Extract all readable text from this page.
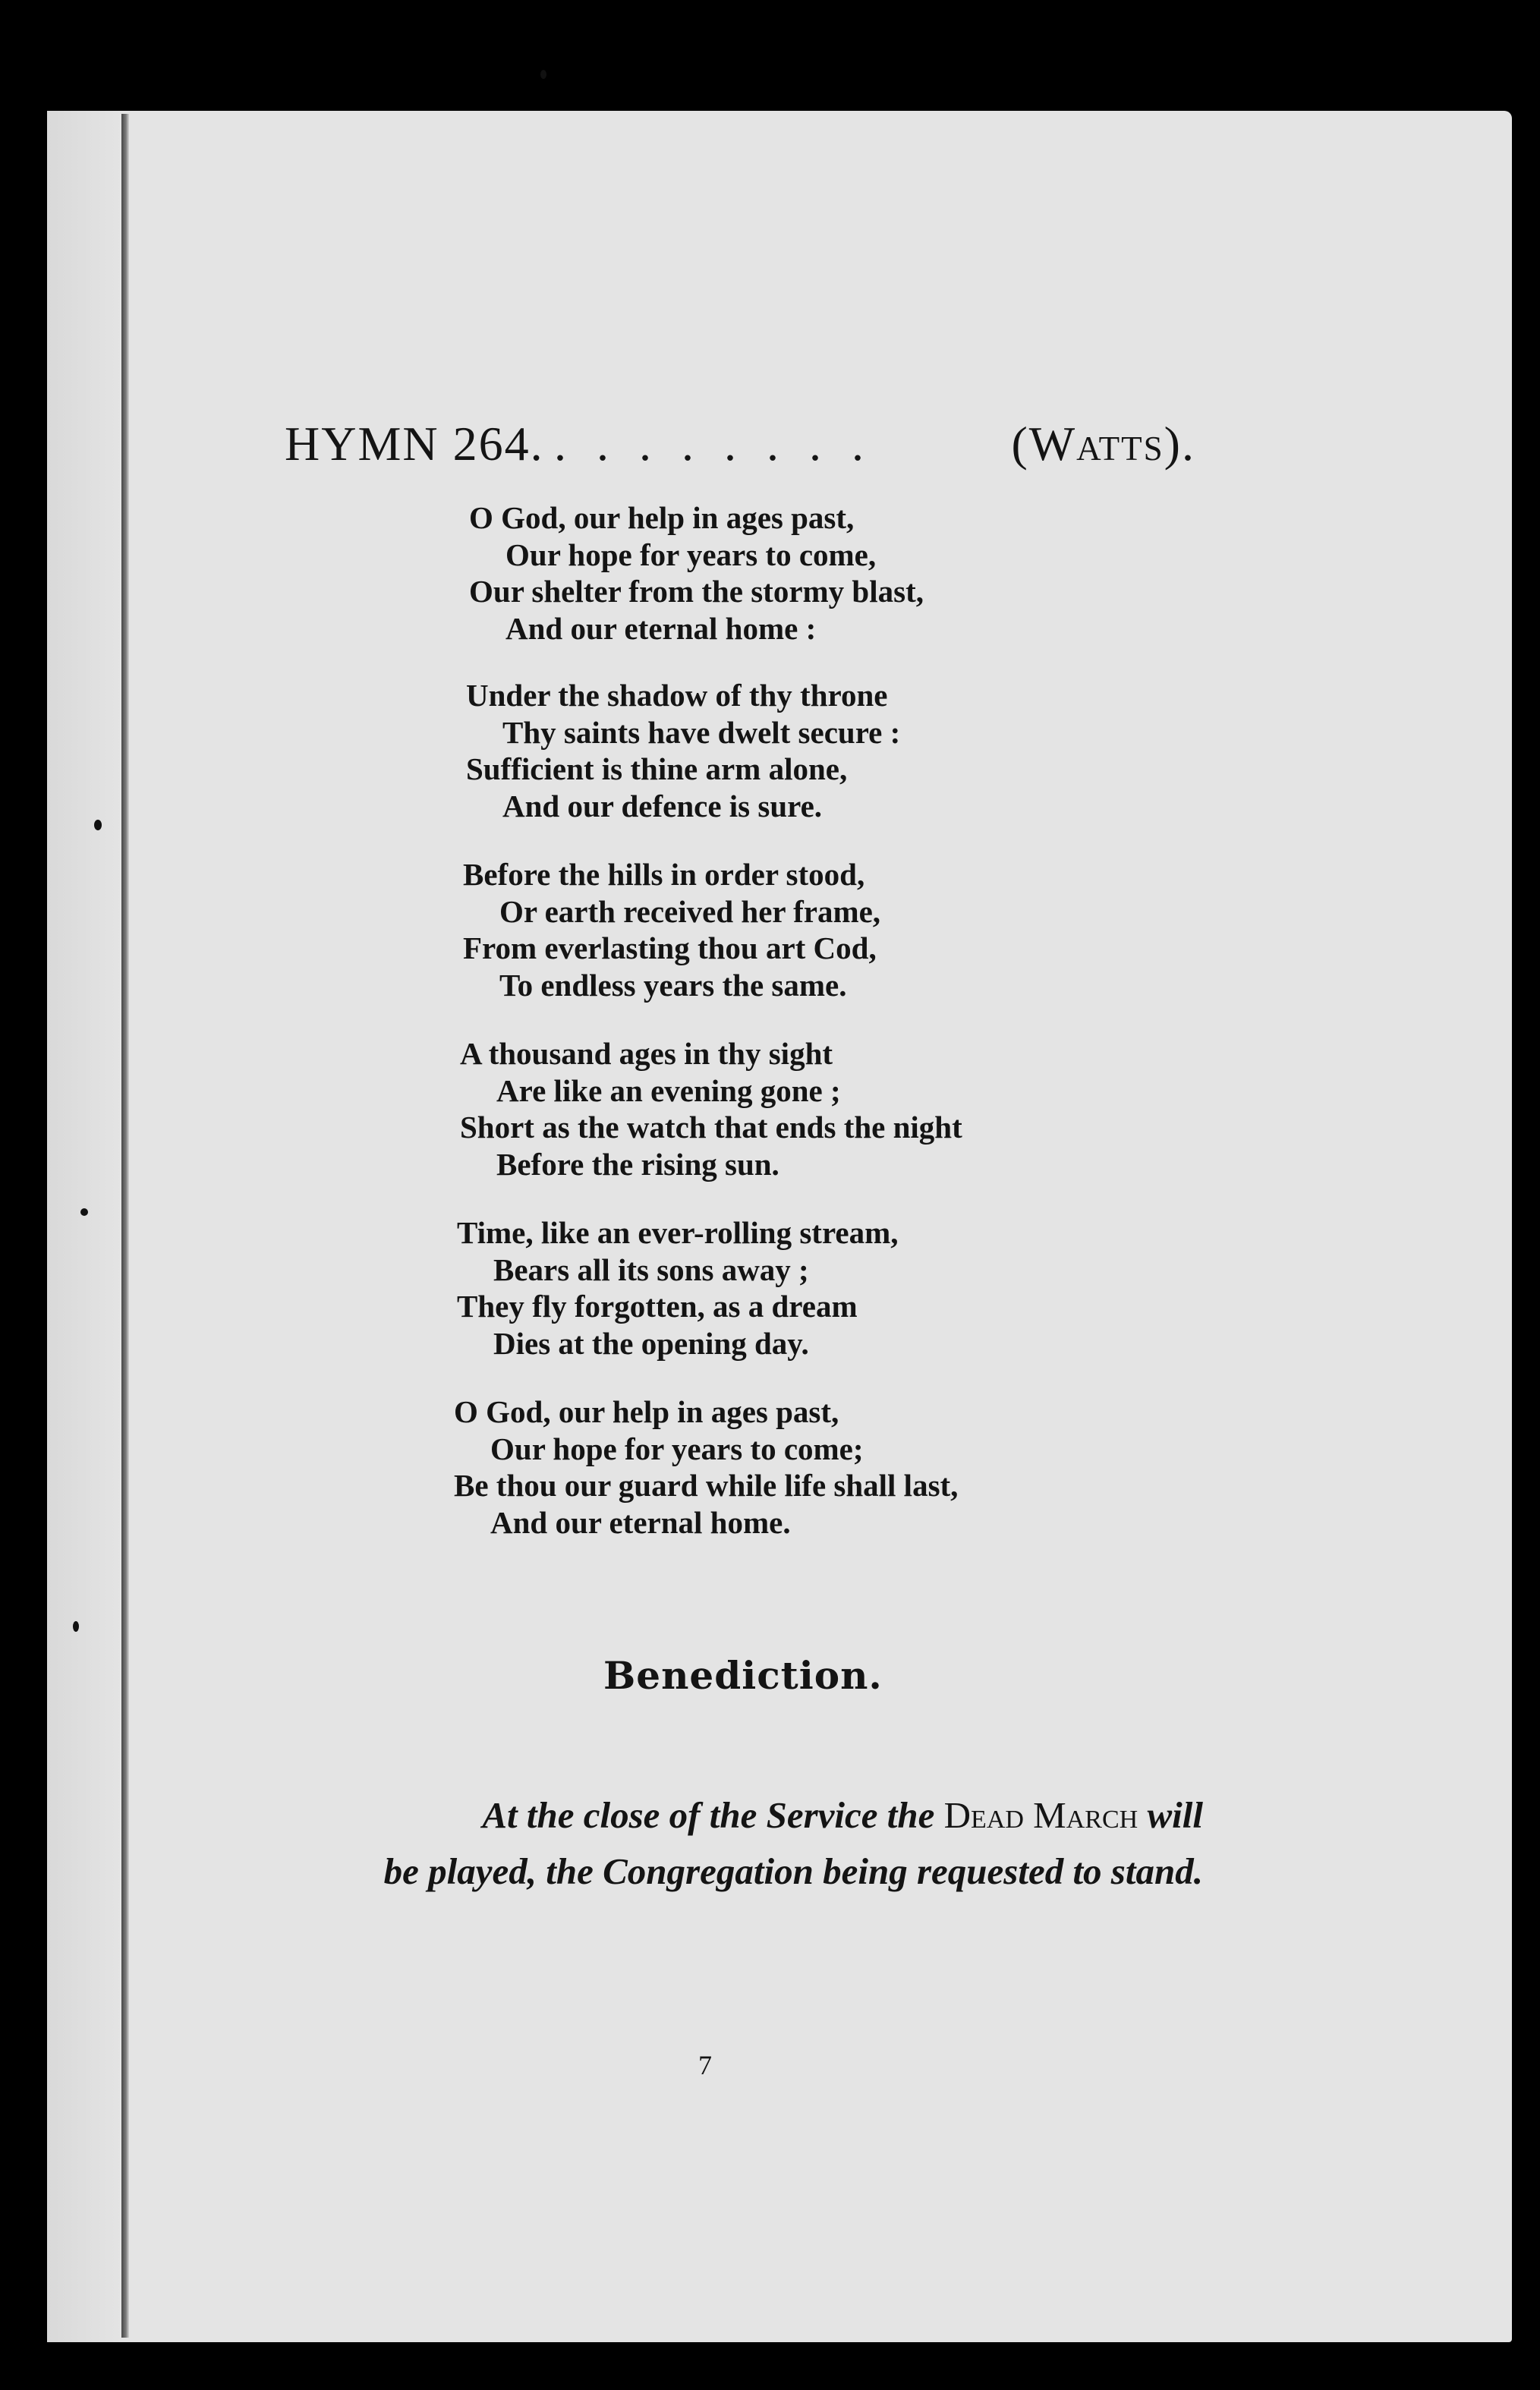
HYMN 264. . . . . . . . .	(Watts).
O God, our help in ages past,
Our hope for years to come,
Our shelter from the stormy blast,
And our eternal home :
Under the shadow of thy throne
Thy saints have dwelt secure :
Sufficient is thine arm alone,
And our defence is sure.
Before the hills in order stood,
Or earth received her frame,
From everlasting thou art Cod,
To endless years the same.
A thousand ages in thy sight
Are like an evening gone ;
Short as the watch that ends the night
Before the rising sun.
Time, like an ever-rolling stream,
Bears all its sons away ;
They fly forgotten, as a dream
Dies at the opening day.
O God, our help in ages past,
Our hope for years to come;
Be thou our guard while life shall last,
And our eternal home.
Benediction.
At the close of the Service the Dead March will
be played, the Congregation being requested to stand.
7
